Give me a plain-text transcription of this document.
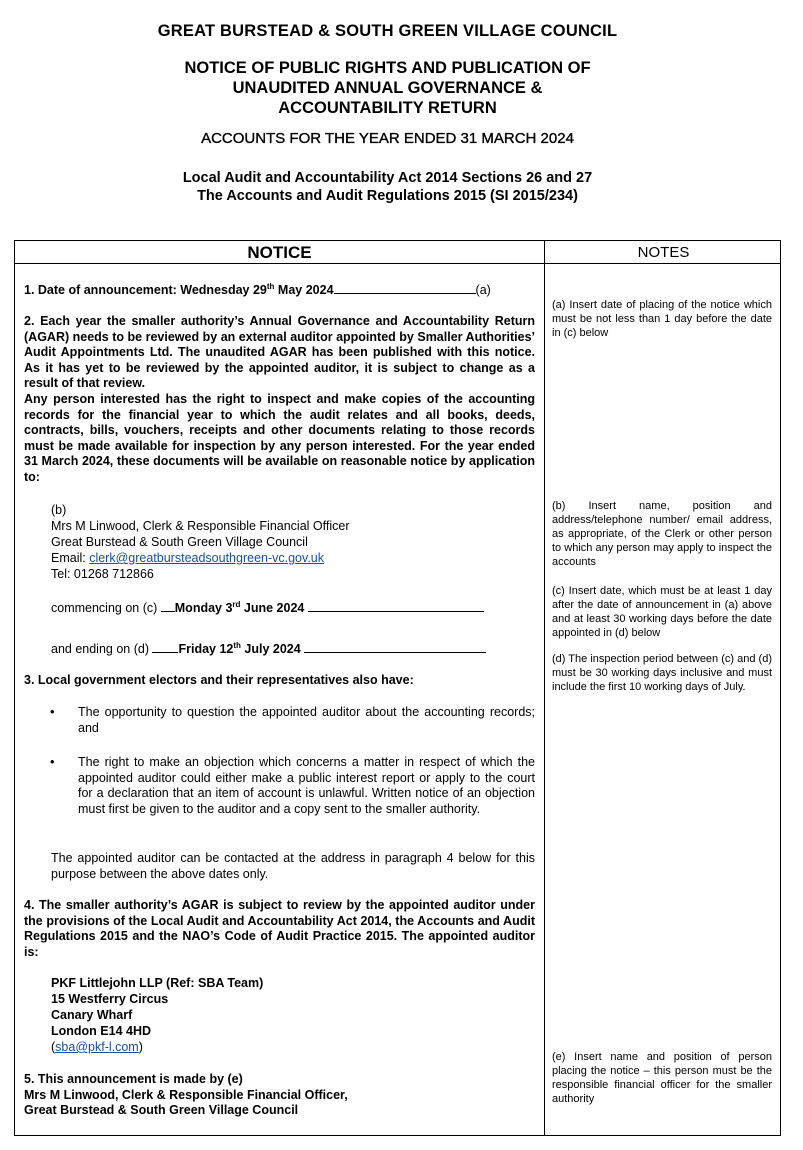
GREAT BURSTEAD & SOUTH GREEN VILLAGE COUNCIL
NOTICE OF PUBLIC RIGHTS AND PUBLICATION OF
UNAUDITED ANNUAL GOVERNANCE &
ACCOUNTABILITY RETURN
ACCOUNTS FOR THE YEAR ENDED 31 MARCH 2024
Local Audit and Accountability Act 2014 Sections 26 and 27
The Accounts and Audit Regulations 2015 (SI 2015/234)
NOTICE	NOTES
1. Date of announcement: Wednesday 29th May 2024	(a)
2. Each year the smaller authority’s Annual Governance and Accountability Return (AGAR) needs to be reviewed by an external auditor appointed by Smaller Authorities’ Audit Appointments Ltd. The unaudited AGAR has been published with this notice. As it has yet to be reviewed by the appointed auditor, it is subject to change as a result of that review.
Any person interested has the right to inspect and make copies of the accounting records for the financial year to which the audit relates and all books, deeds, contracts, bills, vouchers, receipts and other documents relating to those records must be made available for inspection by any person interested. For the year ended 31 March 2024, these documents will be available on reasonable notice by application to:
(b)
Mrs M Linwood, Clerk & Responsible Financial Officer
Great Burstead & South Green Village Council
Email: clerk@greatbursteadsouthgreen-vc.gov.uk
Tel: 01268 712866
commencing on (c) Monday 3rd June 2024
and ending on (d) Friday 12th July 2024
3. Local government electors and their representatives also have:
• The opportunity to question the appointed auditor about the accounting records; and
• The right to make an objection which concerns a matter in respect of which the appointed auditor could either make a public interest report or apply to the court for a declaration that an item of account is unlawful. Written notice of an objection must first be given to the auditor and a copy sent to the smaller authority.
The appointed auditor can be contacted at the address in paragraph 4 below for this purpose between the above dates only.
4. The smaller authority’s AGAR is subject to review by the appointed auditor under the provisions of the Local Audit and Accountability Act 2014, the Accounts and Audit Regulations 2015 and the NAO’s Code of Audit Practice 2015. The appointed auditor is:
PKF Littlejohn LLP (Ref: SBA Team)
15 Westferry Circus
Canary Wharf
London E14 4HD
(sba@pkf-l.com)
5. This announcement is made by (e)
Mrs M Linwood, Clerk & Responsible Financial Officer,
Great Burstead & South Green Village Council
(a) Insert date of placing of the notice which must be not less than 1 day before the date in (c) below
(b) Insert name, position and address/telephone number/ email address, as appropriate, of the Clerk or other person to which any person may apply to inspect the accounts
(c) Insert date, which must be at least 1 day after the date of announcement in (a) above and at least 30 working days before the date appointed in (d) below
(d) The inspection period between (c) and (d) must be 30 working days inclusive and must include the first 10 working days of July.
(e) Insert name and position of person placing the notice – this person must be the responsible financial officer for the smaller authority
